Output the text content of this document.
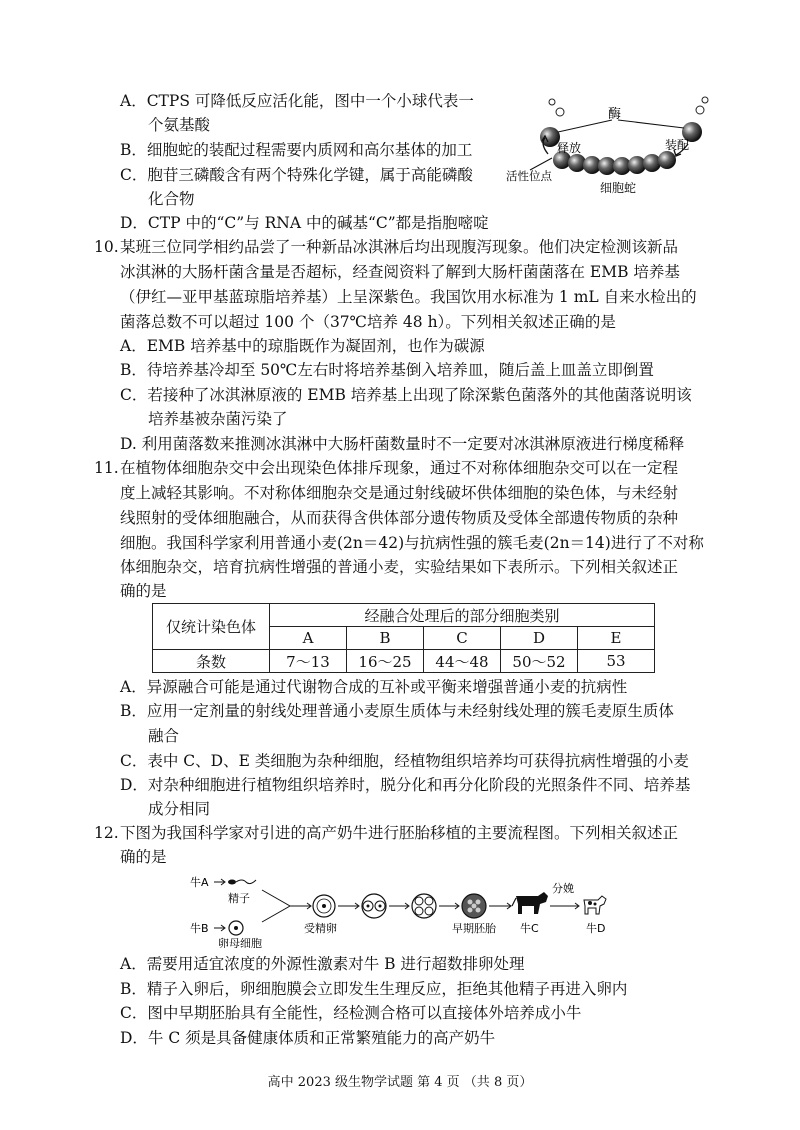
A．CTPS 可降低反应活化能，图中一个小球代表一
个氨基酸
B．细胞蛇的装配过程需要内质网和高尔基体的加工
C．胞苷三磷酸含有两个特殊化学键，属于高能磷酸
化合物
D．CTP 中的“C”与 RNA 中的碱基“C”都是指胞嘧啶
酶
释放	装配
活性位点
细胞蛇
10. 某班三位同学相约品尝了一种新品冰淇淋后均出现腹泻现象。他们决定检测该新品
冰淇淋的大肠杆菌含量是否超标，经查阅资料了解到大肠杆菌菌落在 EMB 培养基
（伊红—亚甲基蓝琼脂培养基）上呈深紫色。我国饮用水标准为 1 mL 自来水检出的
菌落总数不可以超过 100 个（37℃培养 48 h）。下列相关叙述正确的是
A．EMB 培养基中的琼脂既作为凝固剂，也作为碳源
B．待培养基冷却至 50℃左右时将培养基倒入培养皿，随后盖上皿盖立即倒置
C．若接种了冰淇淋原液的 EMB 培养基上出现了除深紫色菌落外的其他菌落说明该
培养基被杂菌污染了
D. 利用菌落数来推测冰淇淋中大肠杆菌数量时不一定要对冰淇淋原液进行梯度稀释
11. 在植物体细胞杂交中会出现染色体排斥现象，通过不对称体细胞杂交可以在一定程
度上减轻其影响。不对称体细胞杂交是通过射线破坏供体细胞的染色体，与未经射
线照射的受体细胞融合，从而获得含供体部分遗传物质及受体全部遗传物质的杂种
细胞。我国科学家利用普通小麦(2n＝42)与抗病性强的簇毛麦(2n＝14)进行了不对称
体细胞杂交，培育抗病性增强的普通小麦，实验结果如下表所示。下列相关叙述正
确的是
仅统计染色体	经融合处理后的部分细胞类别				
	A	B	C	D	E
条数	7～13	16～25	44～48	50～52	53
A．异源融合可能是通过代谢物合成的互补或平衡来增强普通小麦的抗病性
B．应用一定剂量的射线处理普通小麦原生质体与未经射线处理的簇毛麦原生质体
融合
C．表中 C、D、E 类细胞为杂种细胞，经植物组织培养均可获得抗病性增强的小麦
D．对杂种细胞进行植物组织培养时，脱分化和再分化阶段的光照条件不同、培养基
成分相同
12. 下图为我国科学家对引进的高产奶牛进行胚胎移植的主要流程图。下列相关叙述正
确的是
牛A
精子
牛B
卵母细胞
受精卵	早期胚胎 牛C
分娩
牛D
A．需要用适宜浓度的外源性激素对牛 B 进行超数排卵处理
B．精子入卵后，卵细胞膜会立即发生生理反应，拒绝其他精子再进入卵内
C．图中早期胚胎具有全能性，经检测合格可以直接体外培养成小牛
D．牛 C 须是具备健康体质和正常繁殖能力的高产奶牛
高中 2023 级生物学试题 第 4 页 （共 8 页）
